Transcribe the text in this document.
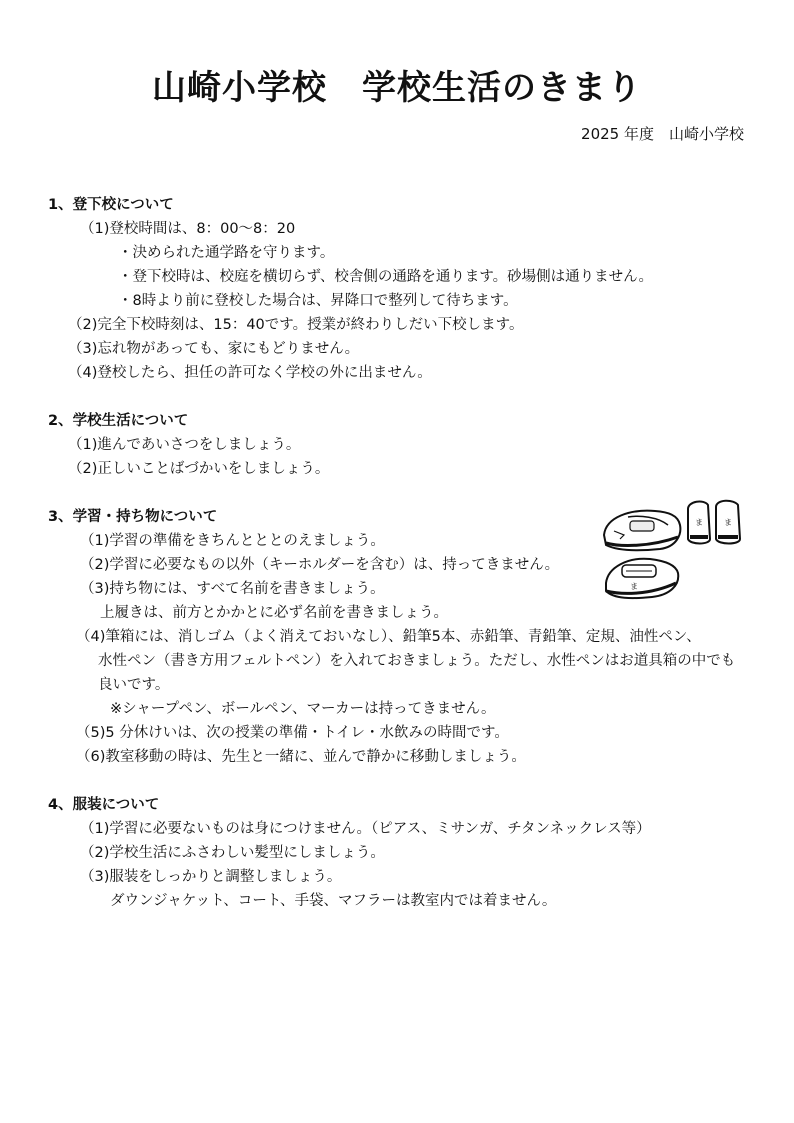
山崎小学校　学校生活のきまり
2025 年度　山崎小学校
1、登下校について
（1)登校時間は、8：00～8：20
・決められた通学路を守ります。
・登下校時は、校庭を横切らず、校舎側の通路を通ります。砂場側は通りません。
・8時より前に登校した場合は、昇降口で整列して待ちます。
（2)完全下校時刻は、15：40です。授業が終わりしだい下校します。
（3)忘れ物があっても、家にもどりません。
（4)登校したら、担任の許可なく学校の外に出ません。
2、学校生活について
（1)進んであいさつをしましょう。
（2)正しいことばづかいをしましょう。
3、学習・持ち物について
（1)学習の準備をきちんとととのえましょう。
（2)学習に必要なもの以外（キーホルダーを含む）は、持ってきません。
（3)持ち物には、すべて名前を書きましょう。
上履きは、前方とかかとに必ず名前を書きましょう。
（4)筆箱には、消しゴム（よく消えておいなし）、鉛筆5本、赤鉛筆、青鉛筆、定規、油性ペン、
水性ペン（書き方用フェルトペン）を入れておきましょう。ただし、水性ペンはお道具箱の中でも
良いです。
※シャープペン、ボールペン、マーカーは持ってきません。
（5)5 分休けいは、次の授業の準備・トイレ・水飲みの時間です。
（6)教室移動の時は、先生と一緒に、並んで静かに移動しましょう。
4、服装について
（1)学習に必要ないものは身につけません。（ピアス、ミサンガ、チタンネックレス等）
（2)学校生活にふさわしい髪型にしましょう。
（3)服装をしっかりと調整しましょう。
ダウンジャケット、コート、手袋、マフラーは教室内では着ません。
ま	ま
ま
